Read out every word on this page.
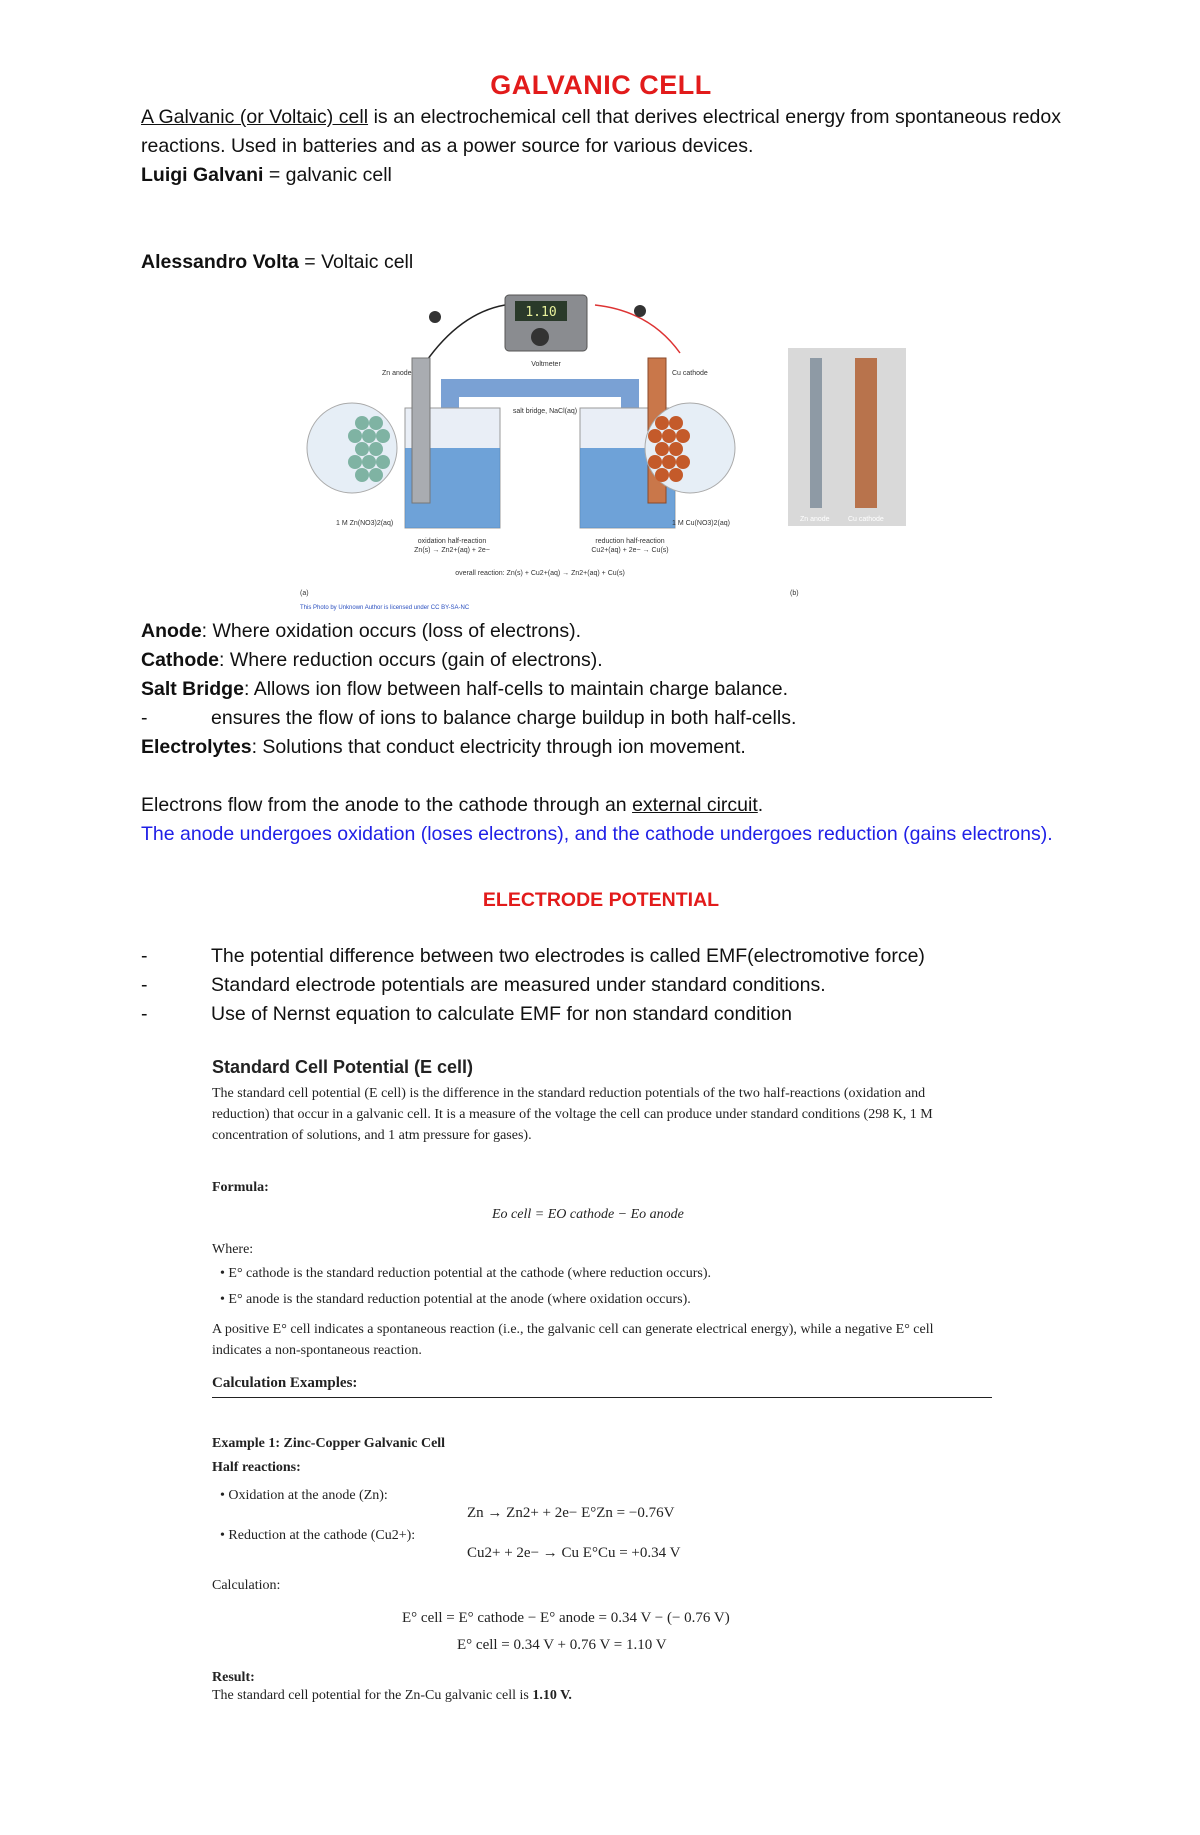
GALVANIC CELL

A Galvanic (or Voltaic) cell is an electrochemical cell that derives electrical energy from spontaneous redox reactions. Used in batteries and as a power source for various devices.

Luigi Galvani = galvanic cell

Alessandro Volta = Voltaic cell

Anode: Where oxidation occurs (loss of electrons).

Cathode: Where reduction occurs (gain of electrons).

Salt Bridge: Allows ion flow between half-cells to maintain charge balance.

-	ensures the flow of ions to balance charge buildup in both half-cells.

Electrolytes: Solutions that conduct electricity through ion movement.

Electrons flow from the anode to the cathode through an external circuit.

The anode undergoes oxidation (loses electrons), and the cathode undergoes reduction (gains electrons).

ELECTRODE POTENTIAL
-	The potential difference between two electrodes is called EMF(electromotive force)
-	Standard electrode potentials are measured under standard conditions.
-	Use of Nernst equation to calculate EMF for non standard condition
1.10
Voltmeter
salt bridge, NaCl(aq)
Zn anode	Cu cathode
1 M Zn(NO3)2(aq)	1 M Cu(NO3)2(aq)
oxidation half-reaction
Zn(s) → Zn2+(aq) + 2e−
reduction half-reaction
Cu2+(aq) + 2e− → Cu(s)
overall reaction: Zn(s) + Cu2+(aq) → Zn2+(aq) + Cu(s)
(a)	(b)
Zn anode	Cu cathode
This Photo by Unknown Author is licensed under CC BY-SA-NC
Standard Cell Potential (E cell)
The standard cell potential (E cell) is the difference in the standard reduction potentials of the two half-reactions (oxidation and reduction) that occur in a galvanic cell. It is a measure of the voltage the cell can produce under standard conditions (298 K, 1 M concentration of solutions, and 1 atm pressure for gases).
Formula:
Eo cell = EO cathode − Eo anode
Where:
• E° cathode is the standard reduction potential at the cathode (where reduction occurs).
• E° anode is the standard reduction potential at the anode (where oxidation occurs).
A positive E° cell indicates a spontaneous reaction (i.e., the galvanic cell can generate electrical energy), while a negative E° cell indicates a non-spontaneous reaction.
Calculation Examples:
Example 1: Zinc-Copper Galvanic Cell
Half reactions:
• Oxidation at the anode (Zn):
Zn → Zn2+ + 2e− E°Zn = −0.76V
• Reduction at the cathode (Cu2+):
Cu2+ + 2e− → Cu E°Cu = +0.34 V
Calculation:
E° cell = E° cathode − E° anode = 0.34 V − (− 0.76 V)
E° cell = 0.34 V + 0.76 V = 1.10 V
Result:
The standard cell potential for the Zn-Cu galvanic cell is 1.10 V.
